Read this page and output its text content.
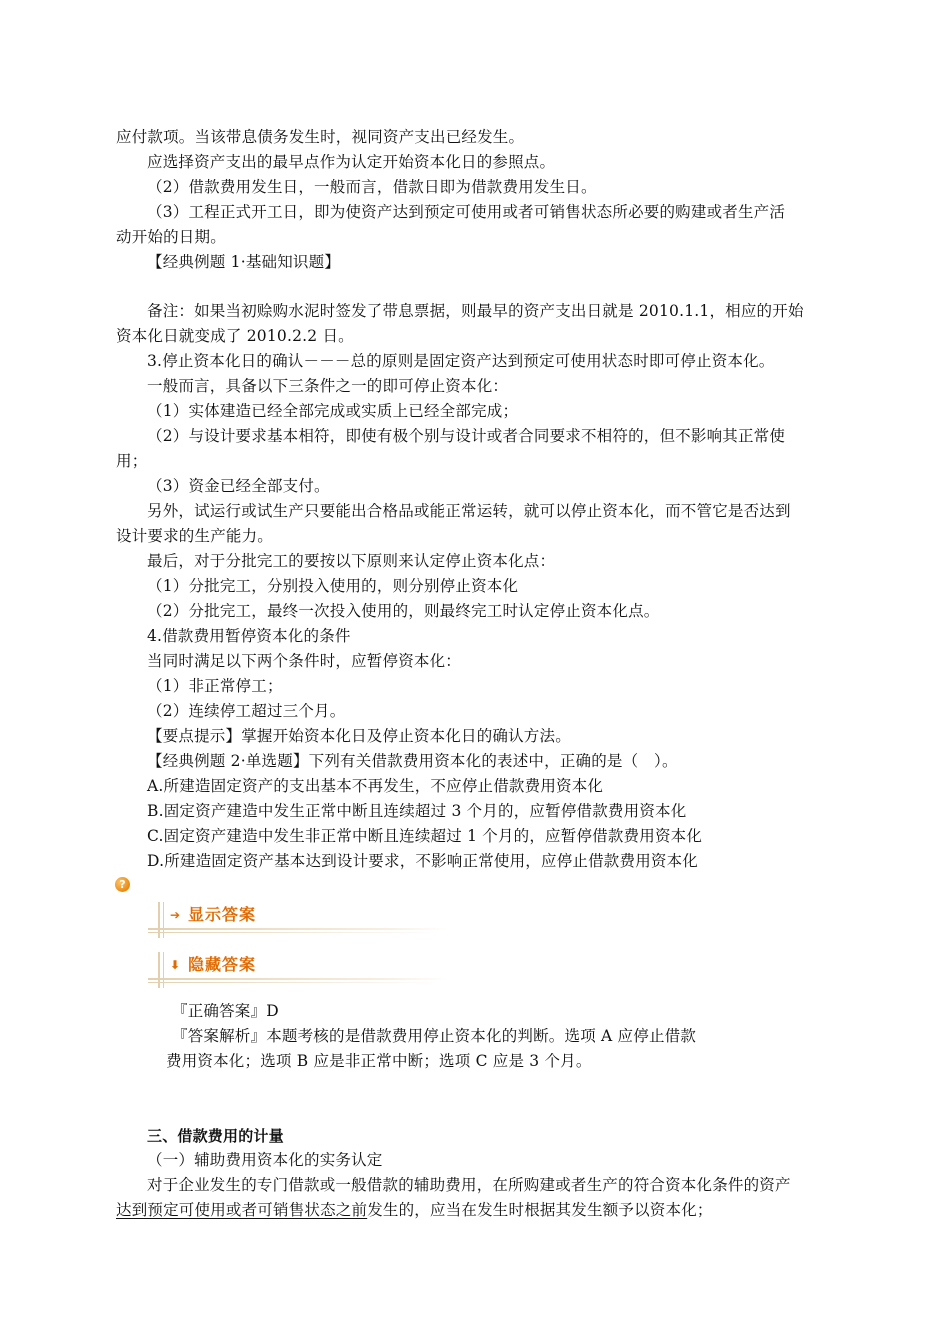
应付款项。当该带息债务发生时，视同资产支出已经发生。
应选择资产支出的最早点作为认定开始资本化日的参照点。
（2）借款费用发生日，一般而言，借款日即为借款费用发生日。
（3）工程正式开工日，即为使资产达到预定可使用或者可销售状态所必要的购建或者生产活
动开始的日期。
【经典例题 1·基础知识题】
备注：如果当初赊购水泥时签发了带息票据，则最早的资产支出日就是 2010.1.1，相应的开始
资本化日就变成了 2010.2.2 日。
3.停止资本化日的确认－－－总的原则是固定资产达到预定可使用状态时即可停止资本化。
一般而言，具备以下三条件之一的即可停止资本化：
（1）实体建造已经全部完成或实质上已经全部完成；
（2）与设计要求基本相符，即使有极个别与设计或者合同要求不相符的，但不影响其正常使
用；
（3）资金已经全部支付。
另外，试运行或试生产只要能出合格品或能正常运转，就可以停止资本化，而不管它是否达到
设计要求的生产能力。
最后，对于分批完工的要按以下原则来认定停止资本化点：
（1）分批完工，分别投入使用的，则分别停止资本化
（2）分批完工，最终一次投入使用的，则最终完工时认定停止资本化点。
4.借款费用暂停资本化的条件
当同时满足以下两个条件时，应暂停资本化：
（1）非正常停工；
（2）连续停工超过三个月。
【要点提示】掌握开始资本化日及停止资本化日的确认方法。
【经典例题 2·单选题】下列有关借款费用资本化的表述中，正确的是（　）。
A.所建造固定资产的支出基本不再发生，不应停止借款费用资本化
B.固定资产建造中发生正常中断且连续超过 3 个月的，应暂停借款费用资本化
C.固定资产建造中发生非正常中断且连续超过 1 个月的，应暂停借款费用资本化
D.所建造固定资产基本达到设计要求，不影响正常使用，应停止借款费用资本化
?
➔ 显示答案
⬇ 隐藏答案
『正确答案』D
『答案解析』本题考核的是借款费用停止资本化的判断。选项 A 应停止借款
费用资本化；选项 B 应是非正常中断；选项 C 应是 3 个月。
三、借款费用的计量
（一）辅助费用资本化的实务认定
对于企业发生的专门借款或一般借款的辅助费用，在所购建或者生产的符合资本化条件的资产
达到预定可使用或者可销售状态之前发生的，应当在发生时根据其发生额予以资本化；
